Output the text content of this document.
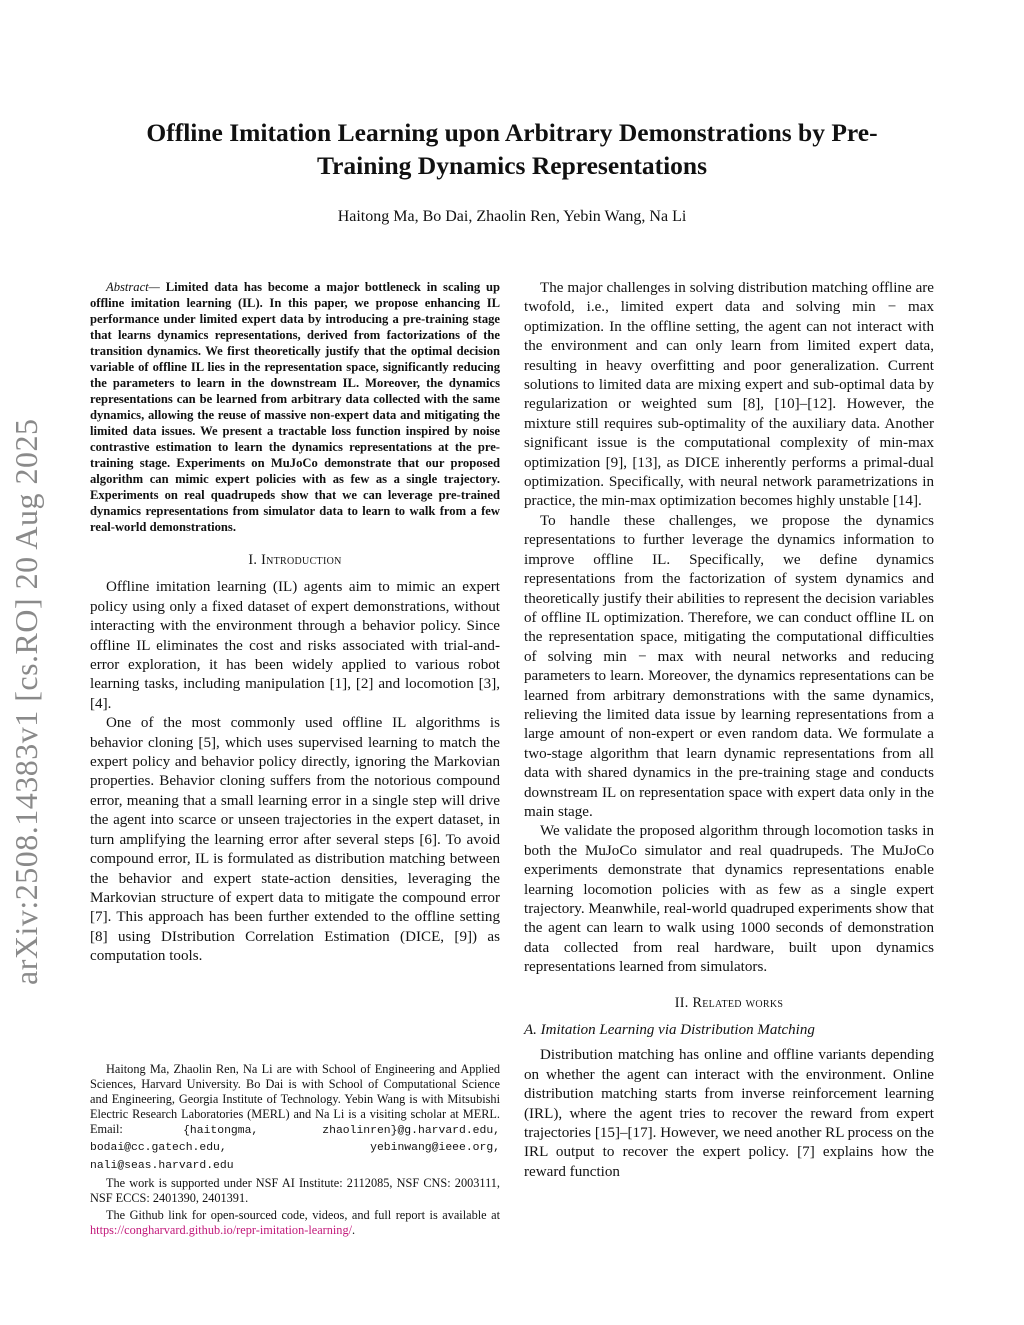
arXiv:2508.14383v1 [cs.RO] 20 Aug 2025
Offline Imitation Learning upon Arbitrary Demonstrations by Pre-Training Dynamics Representations
Haitong Ma, Bo Dai, Zhaolin Ren, Yebin Wang, Na Li

Abstract— Limited data has become a major bottleneck in scaling up offline imitation learning (IL). In this paper, we propose enhancing IL performance under limited expert data by introducing a pre-training stage that learns dynamics representations, derived from factorizations of the transition dynamics. We first theoretically justify that the optimal decision variable of offline IL lies in the representation space, significantly reducing the parameters to learn in the downstream IL. Moreover, the dynamics representations can be learned from arbitrary data collected with the same dynamics, allowing the reuse of massive non-expert data and mitigating the limited data issues. We present a tractable loss function inspired by noise contrastive estimation to learn the dynamics representations at the pre-training stage. Experiments on MuJoCo demonstrate that our proposed algorithm can mimic expert policies with as few as a single trajectory. Experiments on real quadrupeds show that we can leverage pre-trained dynamics representations from simulator data to learn to walk from a few real-world demonstrations.

I. Introduction

Offline imitation learning (IL) agents aim to mimic an expert policy using only a fixed dataset of expert demonstrations, without interacting with the environment through a behavior policy. Since offline IL eliminates the cost and risks associated with trial-and-error exploration, it has been widely applied to various robot learning tasks, including manipulation [1], [2] and locomotion [3], [4].

One of the most commonly used offline IL algorithms is behavior cloning [5], which uses supervised learning to match the expert policy and behavior policy directly, ignoring the Markovian properties. Behavior cloning suffers from the notorious compound error, meaning that a small learning error in a single step will drive the agent into scarce or unseen trajectories in the expert dataset, in turn amplifying the learning error after several steps [6]. To avoid compound error, IL is formulated as distribution matching between the behavior and expert state-action densities, leveraging the Markovian structure of expert data to mitigate the compound error [7]. This approach has been further extended to the offline setting [8] using DIstribution Correlation Estimation (DICE, [9]) as computation tools.

Haitong Ma, Zhaolin Ren, Na Li are with School of Engineering and Applied Sciences, Harvard University. Bo Dai is with School of Computational Science and Engineering, Georgia Institute of Technology. Yebin Wang is with Mitsubishi Electric Research Laboratories (MERL) and Na Li is a visiting scholar at MERL. Email: {haitongma, zhaolinren}@g.harvard.edu, bodai@cc.gatech.edu, yebinwang@ieee.org, nali@seas.harvard.edu

The work is supported under NSF AI Institute: 2112085, NSF CNS: 2003111, NSF ECCS: 2401390, 2401391.

The Github link for open-sourced code, videos, and full report is available at https://congharvard.github.io/repr-imitation-learning/.

The major challenges in solving distribution matching offline are twofold, i.e., limited expert data and solving min − max optimization. In the offline setting, the agent can not interact with the environment and can only learn from limited expert data, resulting in heavy overfitting and poor generalization. Current solutions to limited data are mixing expert and sub-optimal data by regularization or weighted sum [8], [10]–[12]. However, the mixture still requires sub-optimality of the auxiliary data. Another significant issue is the computational complexity of min-max optimization [9], [13], as DICE inherently performs a primal-dual optimization. Specifically, with neural network parametrizations in practice, the min-max optimization becomes highly unstable [14].

To handle these challenges, we propose the dynamics representations to further leverage the dynamics information to improve offline IL. Specifically, we define dynamics representations from the factorization of system dynamics and theoretically justify their abilities to represent the decision variables of offline IL optimization. Therefore, we can conduct offline IL on the representation space, mitigating the computational difficulties of solving min − max with neural networks and reducing parameters to learn. Moreover, the dynamics representations can be learned from arbitrary demonstrations with the same dynamics, relieving the limited data issue by learning representations from a large amount of non-expert or even random data. We formulate a two-stage algorithm that learn dynamic representations from all data with shared dynamics in the pre-training stage and conducts downstream IL on representation space with expert data only in the main stage.

We validate the proposed algorithm through locomotion tasks in both the MuJoCo simulator and real quadrupeds. The MuJoCo experiments demonstrate that dynamics representations enable learning locomotion policies with as few as a single expert trajectory. Meanwhile, real-world quadruped experiments show that the agent can learn to walk using 1000 seconds of demonstration data collected from real hardware, built upon dynamics representations learned from simulators.

II. Related works
A. Imitation Learning via Distribution Matching

Distribution matching has online and offline variants depending on whether the agent can interact with the environment. Online distribution matching starts from inverse reinforcement learning (IRL), where the agent tries to recover the reward from expert trajectories [15]–[17]. However, we need another RL process on the IRL output to recover the expert policy. [7] explains how the reward function
